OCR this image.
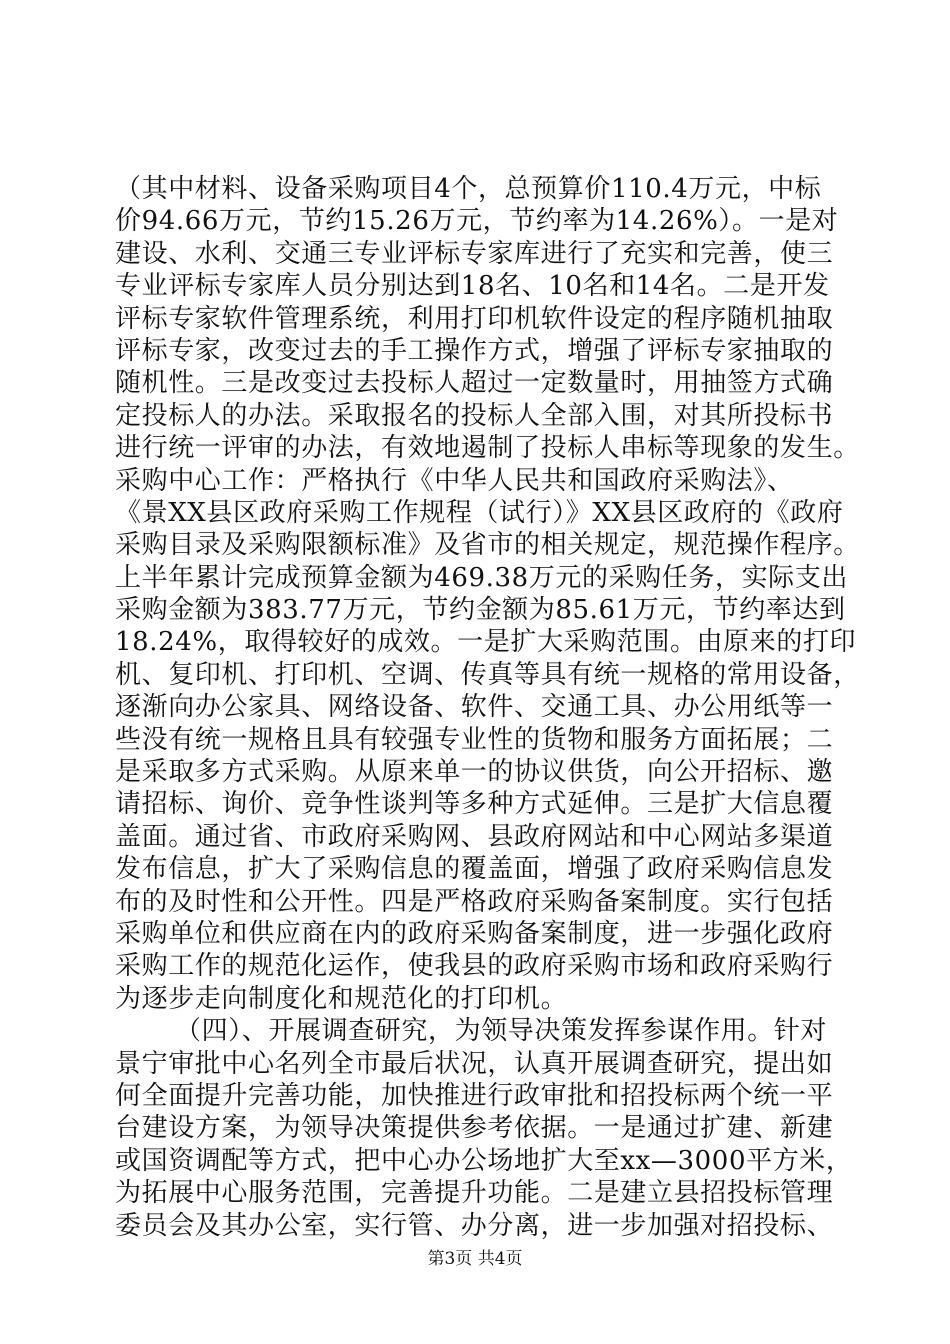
（其中材料、设备采购项目4个，总预算价110.4万元，中标
价94.66万元，节约15.26万元，节约率为14.26%）。一是对
建设、水利、交通三专业评标专家库进行了充实和完善，使三
专业评标专家库人员分别达到18名、10名和14名。二是开发
评标专家软件管理系统，利用打印机软件设定的程序随机抽取
评标专家，改变过去的手工操作方式，增强了评标专家抽取的
随机性。三是改变过去投标人超过一定数量时，用抽签方式确
定投标人的办法。采取报名的投标人全部入围，对其所投标书
进行统一评审的办法，有效地遏制了投标人串标等现象的发生。
采购中心工作：严格执行《中华人民共和国政府采购法》、
《景XX县区政府采购工作规程（试行）》XX县区政府的《政府
采购目录及采购限额标准》及省市的相关规定，规范操作程序。
上半年累计完成预算金额为469.38万元的采购任务，实际支出
采购金额为383.77万元，节约金额为85.61万元，节约率达到
18.24%，取得较好的成效。一是扩大采购范围。由原来的打印
机、复印机、打印机、空调、传真等具有统一规格的常用设备，
逐渐向办公家具、网络设备、软件、交通工具、办公用纸等一
些没有统一规格且具有较强专业性的货物和服务方面拓展；二
是采取多方式采购。从原来单一的协议供货，向公开招标、邀
请招标、询价、竞争性谈判等多种方式延伸。三是扩大信息覆
盖面。通过省、市政府采购网、县政府网站和中心网站多渠道
发布信息，扩大了采购信息的覆盖面，增强了政府采购信息发
布的及时性和公开性。四是严格政府采购备案制度。实行包括
采购单位和供应商在内的政府采购备案制度，进一步强化政府
采购工作的规范化运作，使我县的政府采购市场和政府采购行
为逐步走向制度化和规范化的打印机。
（四）、开展调查研究，为领导决策发挥参谋作用。针对
景宁审批中心名列全市最后状况，认真开展调查研究，提出如
何全面提升完善功能，加快推进行政审批和招投标两个统一平
台建设方案，为领导决策提供参考依据。一是通过扩建、新建
或国资调配等方式，把中心办公场地扩大至xx—3000平方米，
为拓展中心服务范围，完善提升功能。二是建立县招投标管理
委员会及其办公室，实行管、办分离，进一步加强对招投标、
第3页 共4页
